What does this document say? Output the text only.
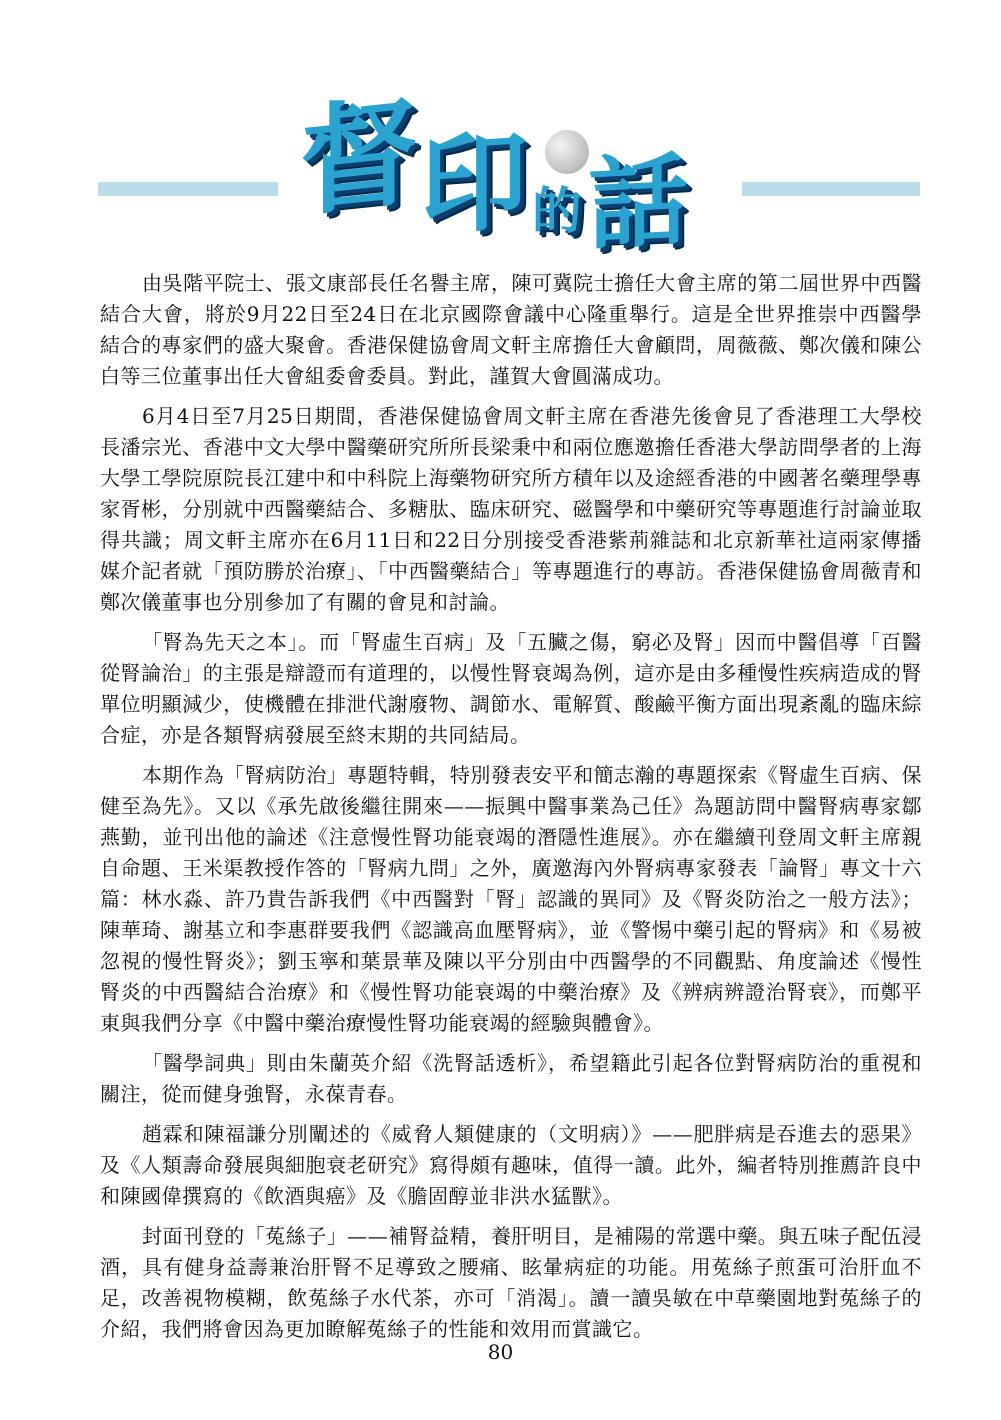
督 印 的 話

由吳階平院士、張文康部長任名譽主席，陳可冀院士擔任大會主席的第二屆世界中西醫結合大會，將於9月22日至24日在北京國際會議中心隆重舉行。這是全世界推崇中西醫學結合的專家們的盛大聚會。香港保健協會周文軒主席擔任大會顧問，周薇薇、鄭次儀和陳公白等三位董事出任大會組委會委員。對此，謹賀大會圓滿成功。

6月4日至7月25日期間，香港保健協會周文軒主席在香港先後會見了香港理工大學校長潘宗光、香港中文大學中醫藥研究所所長梁秉中和兩位應邀擔任香港大學訪問學者的上海大學工學院原院長江建中和中科院上海藥物研究所方積年以及途經香港的中國著名藥理學專家胥彬，分別就中西醫藥結合、多糖肽、臨床研究、磁醫學和中藥研究等專題進行討論並取得共識；周文軒主席亦在6月11日和22日分別接受香港紫荊雜誌和北京新華社這兩家傳播媒介記者就「預防勝於治療」、「中西醫藥結合」等專題進行的專訪。香港保健協會周薇青和鄭次儀董事也分別參加了有關的會見和討論。

「腎為先天之本」。而「腎虛生百病」及「五臟之傷，窮必及腎」因而中醫倡導「百醫從腎論治」的主張是辯證而有道理的，以慢性腎衰竭為例，這亦是由多種慢性疾病造成的腎單位明顯減少，使機體在排泄代謝廢物、調節水、電解質、酸鹼平衡方面出現紊亂的臨床綜合症，亦是各類腎病發展至終末期的共同結局。

本期作為「腎病防治」專題特輯，特別發表安平和簡志瀚的專題探索《腎虛生百病、保健至為先》。又以《承先啟後繼往開來——振興中醫事業為己任》為題訪問中醫腎病專家鄒燕勤，並刊出他的論述《注意慢性腎功能衰竭的潛隱性進展》。亦在繼續刊登周文軒主席親自命題、王米渠教授作答的「腎病九問」之外，廣邀海內外腎病專家發表「論腎」專文十六篇：林水淼、許乃貴告訴我們《中西醫對「腎」認識的異同》及《腎炎防治之一般方法》；陳華琦、謝基立和李惠群要我們《認識高血壓腎病》，並《警惕中藥引起的腎病》和《易被忽視的慢性腎炎》；劉玉寧和葉景華及陳以平分別由中西醫學的不同觀點、角度論述《慢性腎炎的中西醫結合治療》和《慢性腎功能衰竭的中藥治療》及《辨病辨證治腎衰》，而鄭平東與我們分享《中醫中藥治療慢性腎功能衰竭的經驗與體會》。

「醫學詞典」則由朱蘭英介紹《洗腎話透析》，希望籍此引起各位對腎病防治的重視和關注，從而健身強腎，永葆青春。

趙霖和陳福謙分別闡述的《威脅人類健康的（文明病）》——肥胖病是吞進去的惡果》及《人類壽命發展與細胞衰老研究》寫得頗有趣味，值得一讀。此外，編者特別推薦許良中和陳國偉撰寫的《飲酒與癌》及《膽固醇並非洪水猛獸》。

封面刊登的「菟絲子」——補腎益精，養肝明目，是補陽的常選中藥。與五味子配伍浸酒，具有健身益壽兼治肝腎不足導致之腰痛、眩暈病症的功能。用菟絲子煎蛋可治肝血不足，改善視物模糊，飲菟絲子水代茶，亦可「消渴」。讀一讀吳敏在中草藥園地對菟絲子的介紹，我們將會因為更加瞭解菟絲子的性能和效用而賞識它。

80
